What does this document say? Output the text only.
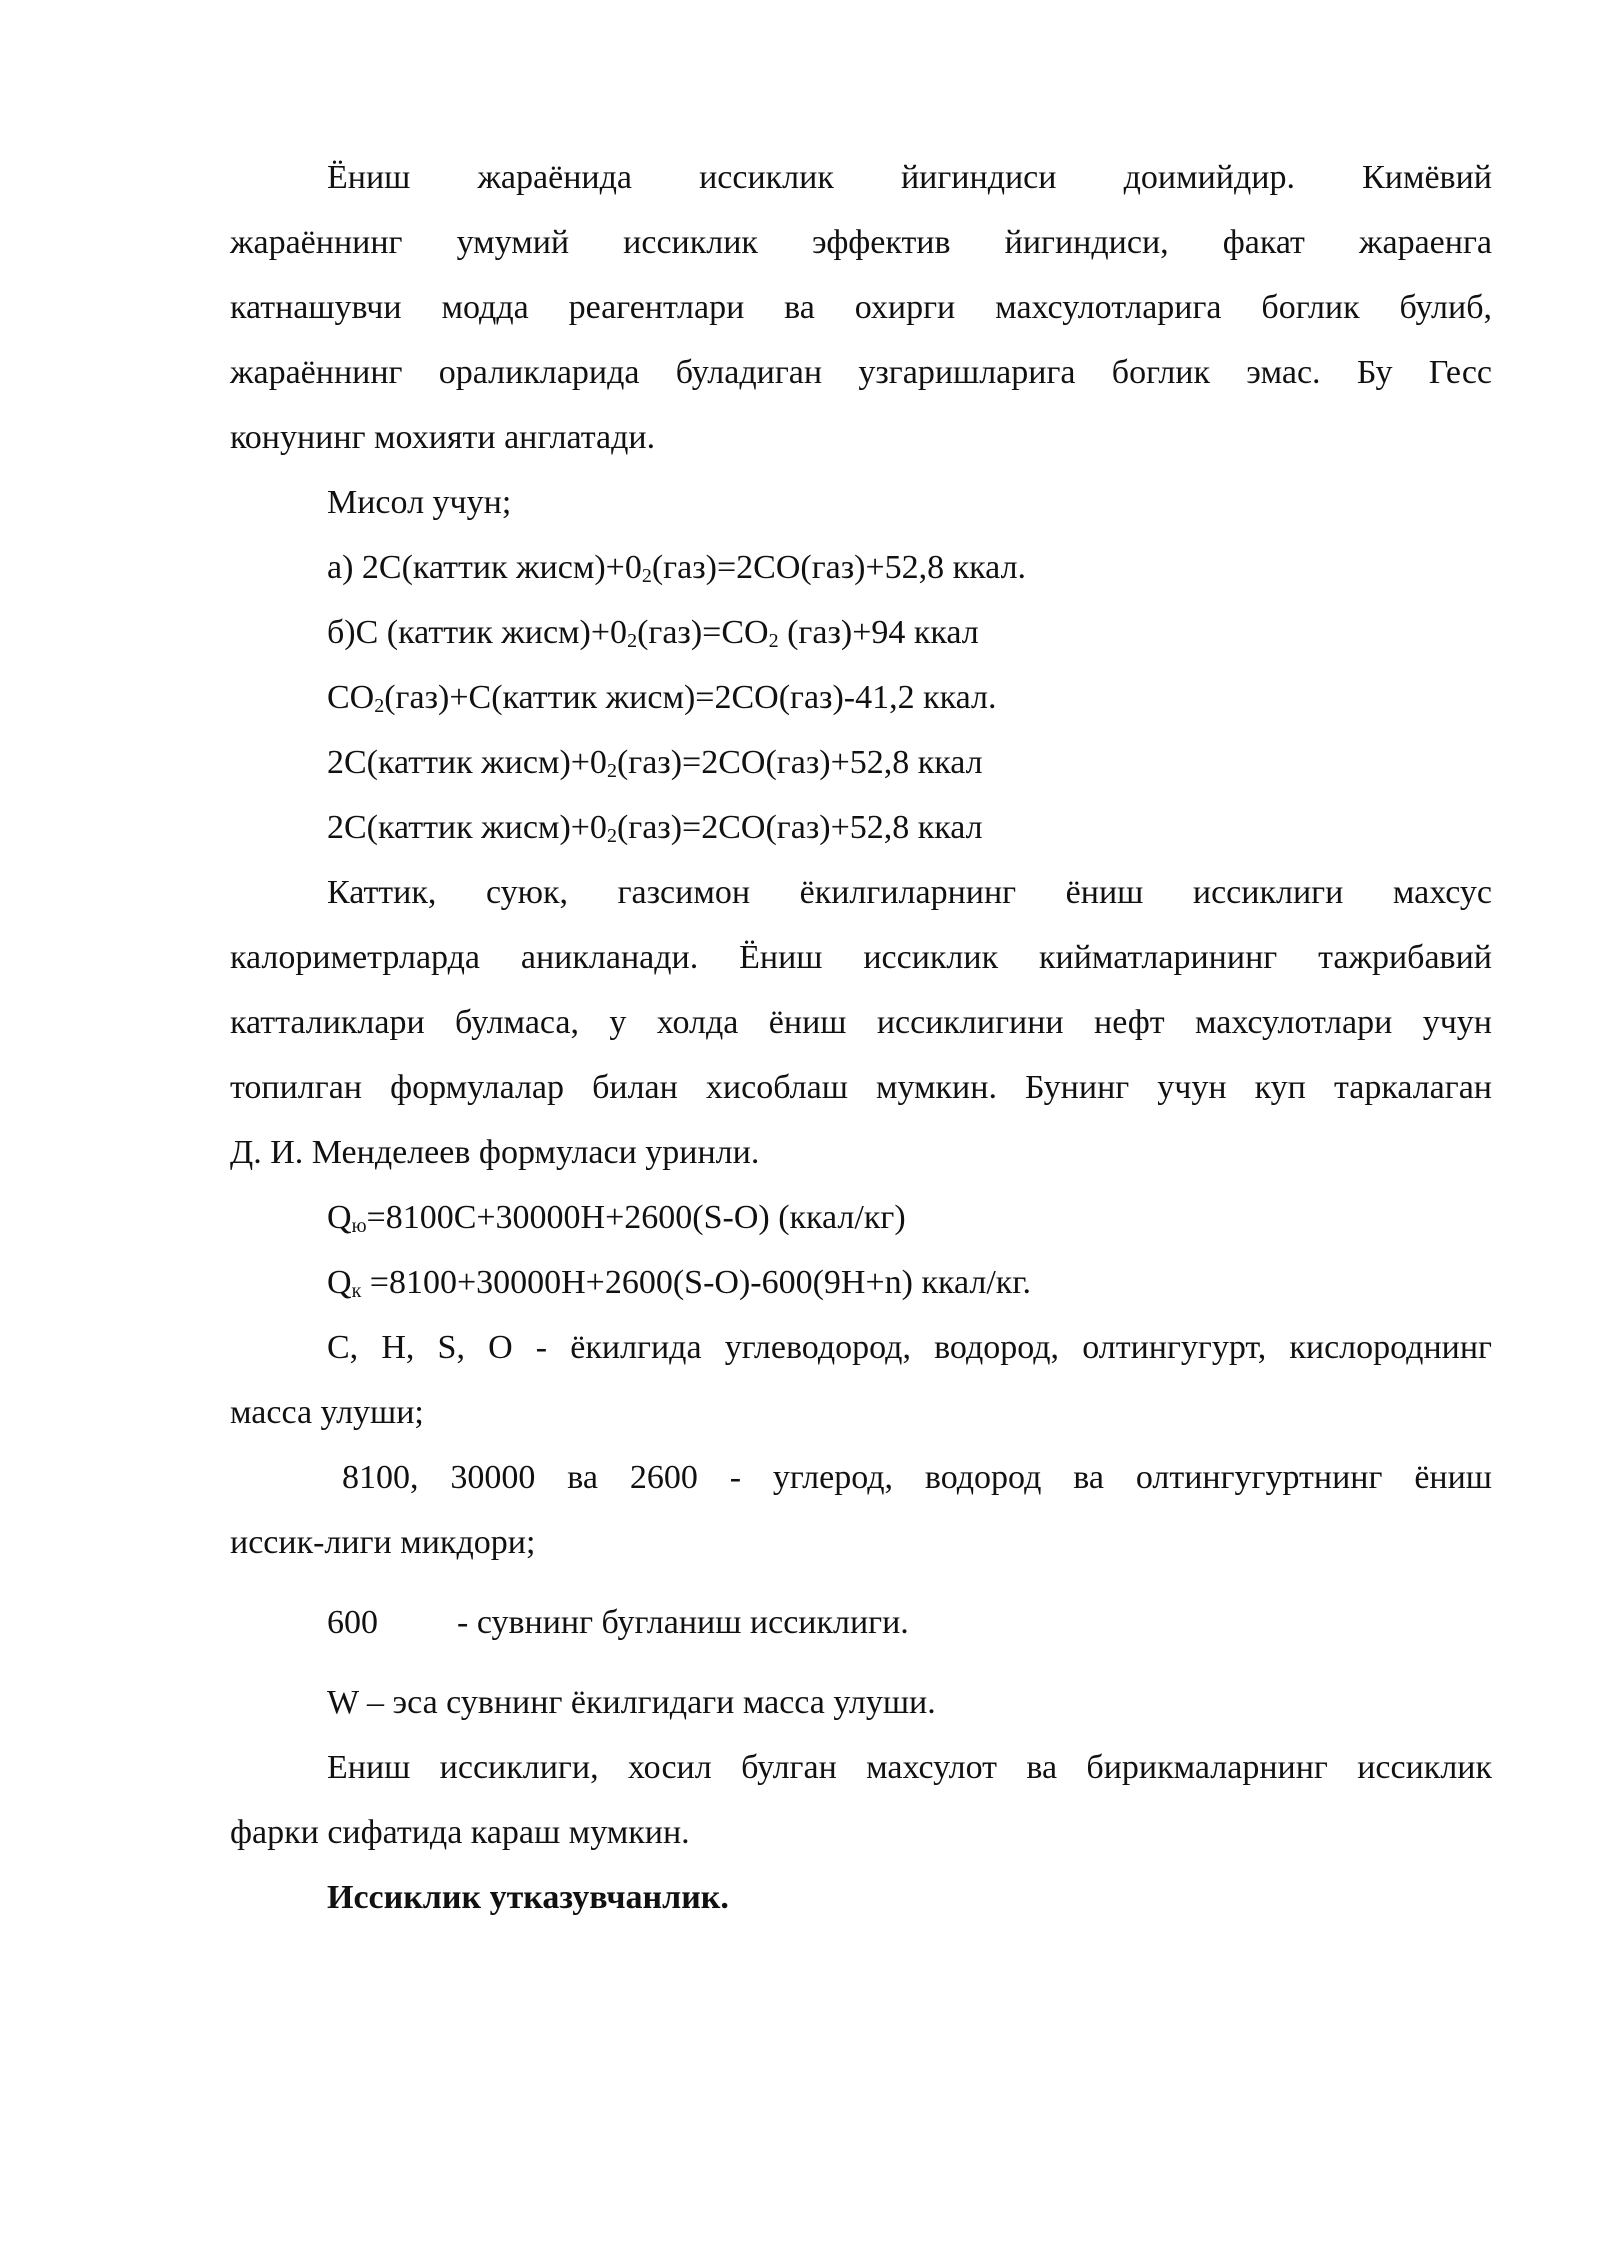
Ёниш жараёнида иссиклик йигиндиси доимийдир. Кимёвий
жараённинг умумий иссиклик эффектив йигиндиси, факат жараенга
катнашувчи модда реагентлари ва охирги махсулотларига боглик булиб,
жараённинг ораликларида буладиган узгаришларига боглик эмас. Бу Гесс
конунинг мохияти англатади.
Мисол учун;
а) 2С(каттик $жисм)+0_2(газ)=2СО(газ)+52,8$ ккал.
б)С (каттик $жисм)+0_2(газ)=СО_2$ (газ)+94 ккал
$СО_2(газ)+С(каттик$ жисм)=2СО(газ)-41,2 ккал.
2С(каттик $жисм)+0_2(газ)=2СО(газ)+52,8$ ккал
2С(каттик $жисм)+0_2(газ)=2СО(газ)+52,8$ ккал
Каттик, суюк, газсимон ёкилгиларнинг ёниш иссиклиги махсус
калориметрларда аникланади. Ёниш иссиклик кийматларининг тажрибавий
катталиклари булмаса, у холда ёниш иссиклигини нефт махсулотлари учун
топилган формулалар билан хисоблаш мумкин. Бунинг учун куп таркалаган
Д. И. Менделеев формуласи уринли.
$Q_ю=8100С+30000Н+2600(S-O)$ (ккал/кг)
$Q_к =8100+30000Н+2600(S-O)-600(9Н+n)$ ккал/кг.
С, Н, S, О - ёкилгида углеводород, водород, олтингугурт, кислороднинг
масса улуши;
8100, 30000 ва 2600 - углерод, водород ва олтингугуртнинг ёниш
иссик-лиги микдори;
600 - сувнинг бугланиш иссиклиги.
W – эса сувнинг ёкилгидаги масса улуши.
Ениш иссиклиги, хосил булган махсулот ва бирикмаларнинг иссиклик
фарки сифатида караш мумкин.
Иссиклик утказувчанлик.
